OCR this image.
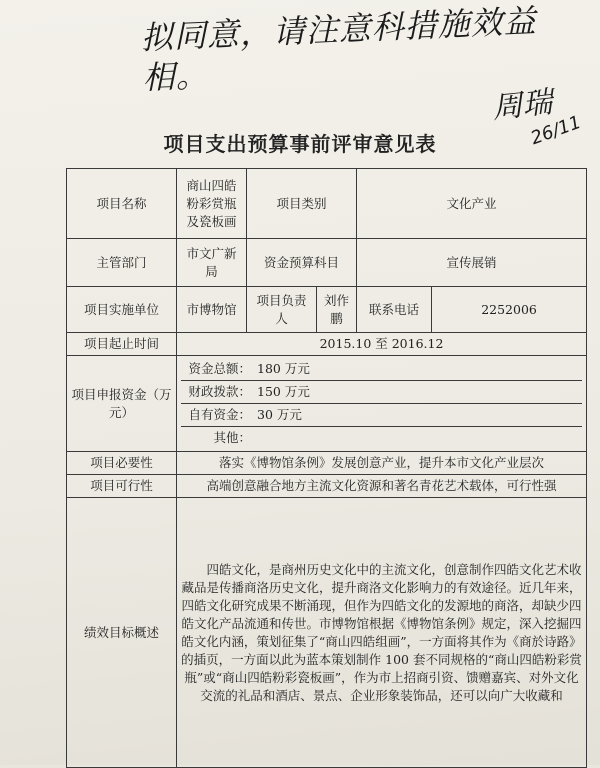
拟同意，请注意科措施效益相。
周瑞
26/11
项目支出预算事前评审意见表
项目名称	商山四皓粉彩赏瓶及瓷板画	项目类别		文化产业	
主管部门	市文广新局	资金预算科目		宣传展销	
项目实施单位	市博物馆	项目负责人	刘作鹏	联系电话	2252006
项目起止时间	2015.10 至 2016.12				
项目申报资金（万元）	资金总额： 180 万元
财政拨款： 150 万元
自有资金： 30 万元
其他：				

项目必要性	落实《博物馆条例》发展创意产业，提升本市文化产业层次				
项目可行性	高端创意融合地方主流文化资源和著名青花艺术载体，可行性强				
绩效目标概述	四皓文化，是商州历史文化中的主流文化，创意制作四皓文化艺术收藏品是传播商洛历史文化，提升商洛文化影响力的有效途径。近几年来，四皓文化研究成果不断涌现，但作为四皓文化的发源地的商洛，却缺少四皓文化产品流通和传世。市博物馆根据《博物馆条例》规定，深入挖掘四皓文化内涵，策划征集了“商山四皓组画”，一方面将其作为《商於诗路》的插页，一方面以此为蓝本策划制作 100 套不同规格的“商山四皓粉彩赏瓶”或“商山四皓粉彩瓷板画”，作为市上招商引资、馈赠嘉宾、对外文化交流的礼品和酒店、景点、企业形象装饰品，还可以向广大收藏和				
